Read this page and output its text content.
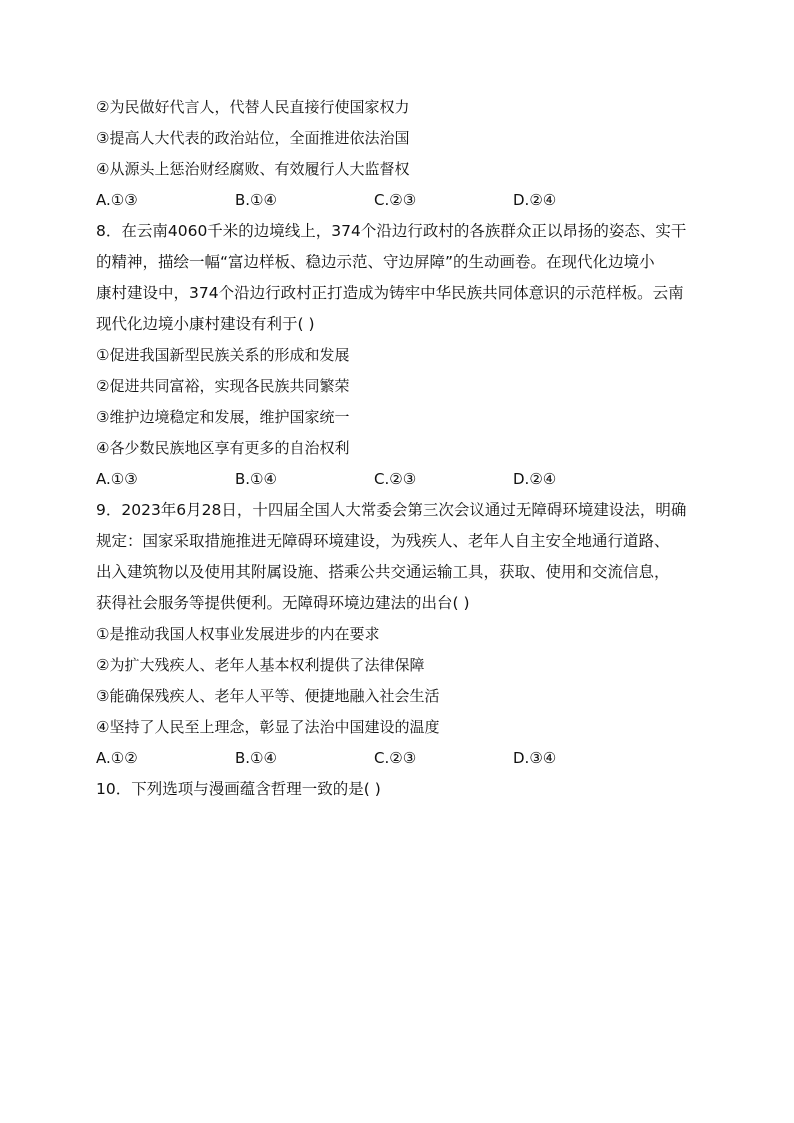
②为民做好代言人，代替人民直接行使国家权力
③提高人大代表的政治站位，全面推进依法治国
④从源头上惩治财经腐败、有效履行人大监督权
A.①③	B.①④	C.②③	D.②④
8．在云南4060千米的边境线上，374个沿边行政村的各族群众正以昂扬的姿态、实干
的精神，描绘一幅“富边样板、稳边示范、守边屏障”的生动画卷。在现代化边境小
康村建设中，374个沿边行政村正打造成为铸牢中华民族共同体意识的示范样板。云南
现代化边境小康村建设有利于( )
①促进我国新型民族关系的形成和发展
②促进共同富裕，实现各民族共同繁荣
③维护边境稳定和发展，维护国家统一
④各少数民族地区享有更多的自治权利
A.①③	B.①④	C.②③	D.②④
9．2023年6月28日，十四届全国人大常委会第三次会议通过无障碍环境建设法，明确
规定：国家采取措施推进无障碍环境建设，为残疾人、老年人自主安全地通行道路、
出入建筑物以及使用其附属设施、搭乘公共交通运输工具，获取、使用和交流信息，
获得社会服务等提供便利。无障碍环境边建法的出台( )
①是推动我国人权事业发展进步的内在要求
②为扩大残疾人、老年人基本权利提供了法律保障
③能确保残疾人、老年人平等、便捷地融入社会生活
④坚持了人民至上理念，彰显了法治中国建设的温度
A.①②	B.①④	C.②③	D.③④
10．下列选项与漫画蕴含哲理一致的是( )
